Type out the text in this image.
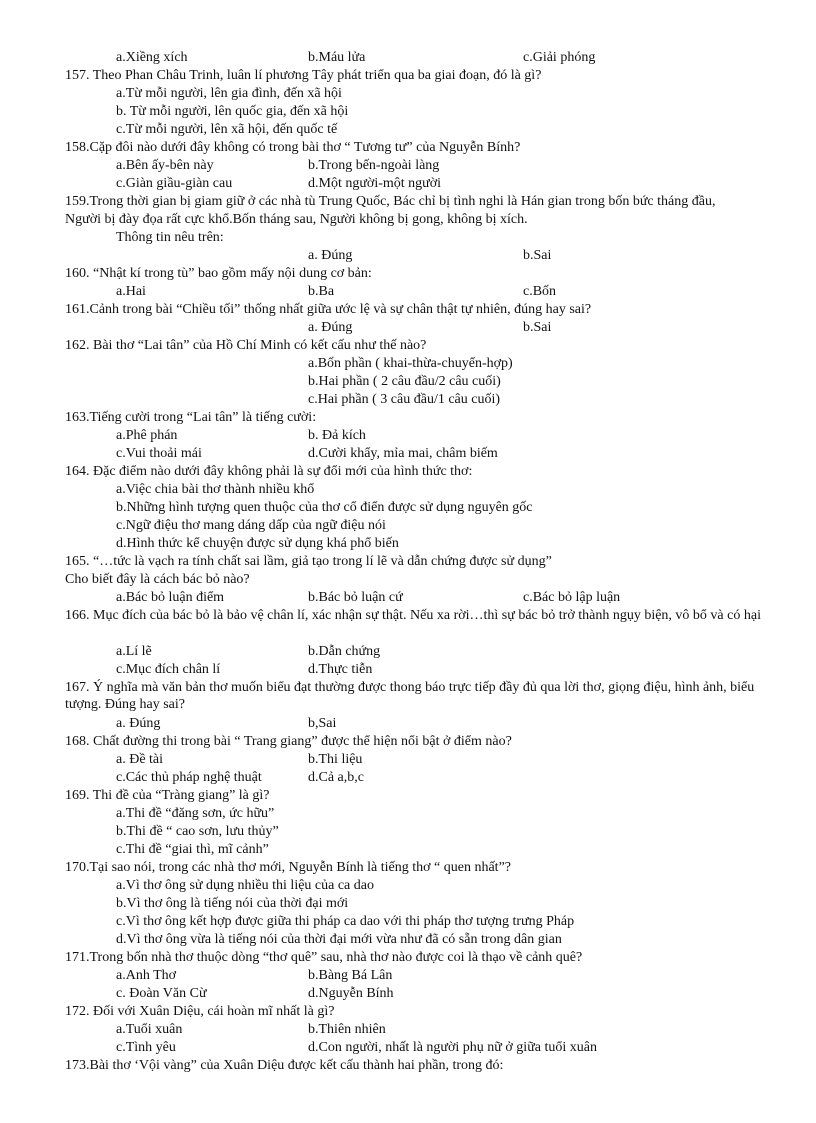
a.Xiềng xích	b.Máu lửa	c.Giải phóng
157. Theo Phan Châu Trinh, luân lí phương Tây phát triển qua ba giai đoạn, đó là gì?
a.Từ mỗi người, lên gia đình, đến xã hội
b. Từ mỗi người, lên quốc gia, đến xã hội
c.Từ mỗi người, lên xã hội, đến quốc tế
158.Cặp đôi nào dưới đây không có trong bài thơ “ Tương tư” của Nguyễn Bính?
a.Bên ấy-bên này	b.Trong bến-ngoài làng
c.Giàn giầu-giàn cau	d.Một người-một người
159.Trong thời gian bị giam giữ ở các nhà tù Trung Quốc, Bác chỉ bị tình nghi là Hán gian trong bốn bức tháng đầu,
Người bị đày đọa rất cực khổ.Bốn tháng sau, Người không bị gong, không bị xích.
Thông tin nêu trên:
a. Đúng	b.Sai
160. “Nhật kí trong tù” bao gồm mấy nội dung cơ bản:
a.Hai	b.Ba	c.Bốn
161.Cảnh trong bài “Chiều tối” thống nhất giữa ước lệ và sự chân thật tự nhiên, đúng hay sai?
a. Đúng	b.Sai
162. Bài thơ “Lai tân” của Hồ Chí Minh có kết cấu như thế nào?
a.Bốn phần ( khai-thừa-chuyển-hợp)
b.Hai phần ( 2 câu đầu/2 câu cuối)
c.Hai phần ( 3 câu đầu/1 câu cuối)
163.Tiếng cười trong “Lai tân” là tiếng cười:
a.Phê phán	b. Đả kích
c.Vui thoải mái	d.Cười khẩy, mỉa mai, châm biếm
164. Đặc điểm nào dưới đây không phải là sự đổi mới của hình thức thơ:
a.Việc chia bài thơ thành nhiều khổ
b.Những hình tượng quen thuộc của thơ cổ điển được sử dụng nguyên gốc
c.Ngữ điệu thơ mang dáng dấp của ngữ điệu nói
d.Hình thức kể chuyện được sử dụng khá phổ biến
165. “…tức là vạch ra tính chất sai lầm, giả tạo trong lí lẽ và dẫn chứng được sử dụng”
Cho biết đây là cách bác bỏ nào?
a.Bác bỏ luận điểm	b.Bác bỏ luận cứ	c.Bác bỏ lập luận
166. Mục đích của bác bỏ là bảo vệ chân lí, xác nhận sự thật. Nếu xa rời…thì sự bác bỏ trở thành ngụy biện, vô bổ và có hại
a.Lí lẽ	b.Dẫn chứng
c.Mục đích chân lí	d.Thực tiễn
167. Ý nghĩa mà văn bản thơ muốn biểu đạt thường được thong báo trực tiếp đầy đủ qua lời thơ, giọng điệu, hình ảnh, biểu tượng. Đúng hay sai?
a. Đúng	b,Sai
168. Chất đường thi trong bài “ Trang giang” được thể hiện nổi bật ở điểm nào?
a. Đề tài	b.Thi liệu
c.Các thủ pháp nghệ thuật	d.Cả a,b,c
169. Thi đề của “Tràng giang” là gì?
a.Thi đề “đăng sơn, ức hữu”
b.Thi đề “ cao sơn, lưu thủy”
c.Thi đề “giai thì, mĩ cảnh”
170.Tại sao nói, trong các nhà thơ mới, Nguyễn Bính là tiếng thơ “ quen nhất”?
a.Vì thơ ông sử dụng nhiều thi liệu của ca dao
b.Vì thơ ông là tiếng nói của thời đại mới
c.Vì thơ ông kết hợp được giữa thi pháp ca dao với thi pháp thơ tượng trưng Pháp
d.Vì thơ ông vừa là tiếng nói của thời đại mới vừa như đã có sẵn trong dân gian
171.Trong bốn nhà thơ thuộc dòng “thơ quê” sau, nhà thơ nào được coi là thạo về cảnh quê?
a.Anh Thơ	b.Bàng Bá Lân
c. Đoàn Văn Cừ	d.Nguyễn Bính
172. Đối với Xuân Diệu, cái hoàn mĩ nhất là gì?
a.Tuổi xuân	b.Thiên nhiên
c.Tình yêu	d.Con người, nhất là người phụ nữ ở giữa tuổi xuân
173.Bài thơ ‘Vội vàng” của Xuân Diệu được kết cấu thành hai phần, trong đó:
